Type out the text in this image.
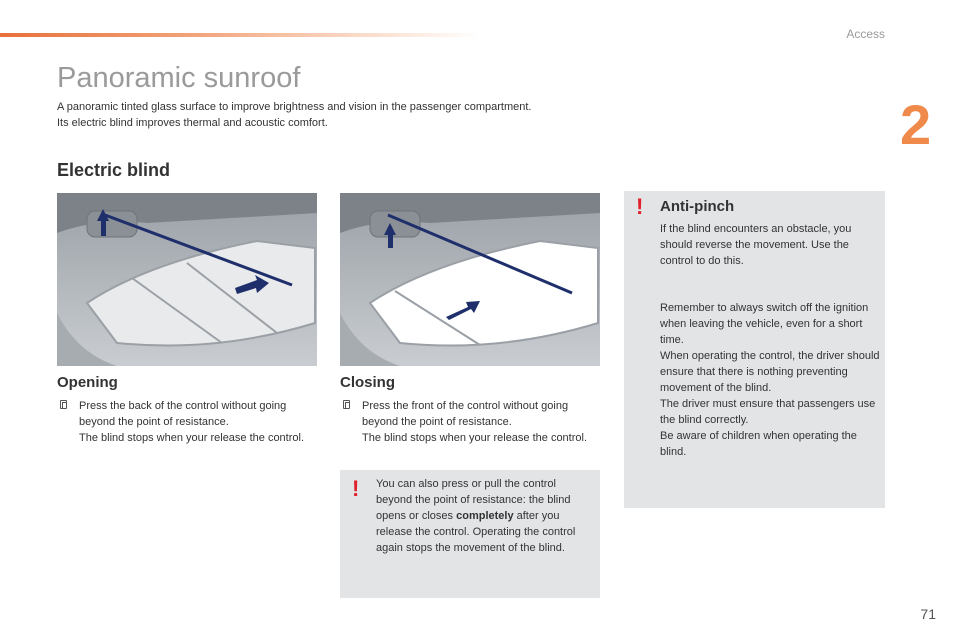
Access
2
Panoramic sunroof

A panoramic tinted glass surface to improve brightness and vision in the passenger compartment.

Its electric blind improves thermal and acoustic comfort.

Electric blind
Opening

Press the back of the control without going beyond the point of resistance.

The blind stops when your release the control.

Closing

Press the front of the control without going beyond the point of resistance.

The blind stops when your release the control.

! You can also press or pull the control beyond the point of resistance: the blind opens or closes completely after you release the control. Operating the control again stops the movement of the blind.
! Anti-pinch

If the blind encounters an obstacle, you should reverse the movement. Use the control to do this.

Remember to always switch off the ignition when leaving the vehicle, even for a short time.

When operating the control, the driver should ensure that there is nothing preventing movement of the blind.

The driver must ensure that passengers use the blind correctly.

Be aware of children when operating the blind.

71
